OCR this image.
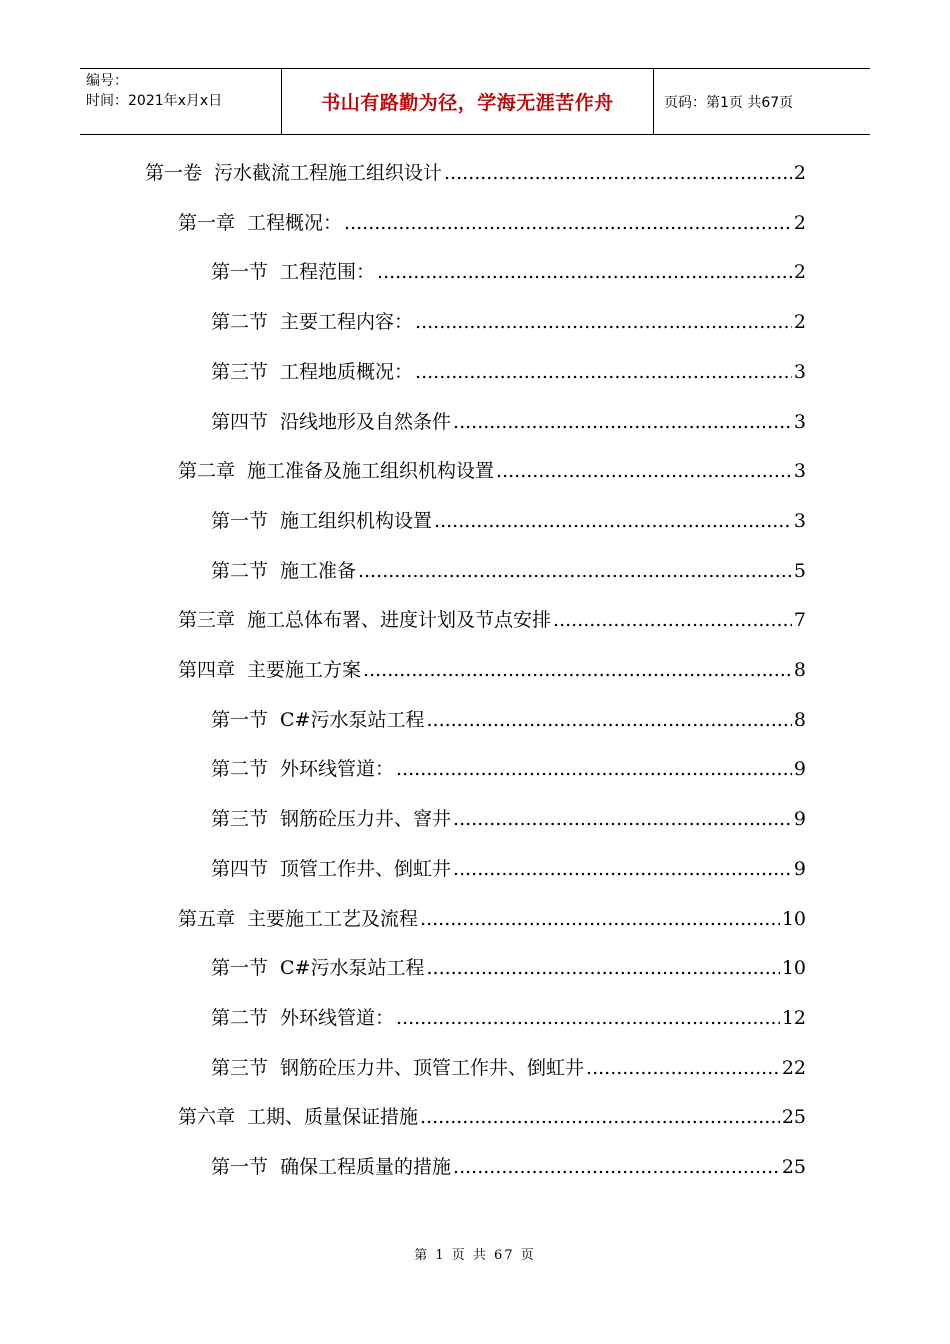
编号：
时间：2021年x月x日	书山有路勤为径，学海无涯苦作舟	页码：第1页 共67页
第一卷 污水截流工程施工组织设计 .....	2
第一章 工程概况： .....	2
第一节 工程范围： .....	2
第二节 主要工程内容： .....	2
第三节 工程地质概况： .....	3
第四节 沿线地形及自然条件 .....	3
第二章 施工准备及施工组织机构设置 .....	3
第一节 施工组织机构设置 .....	3
第二节 施工准备 .....	5
第三章 施工总体布署、进度计划及节点安排 .....	7
第四章 主要施工方案 .....	8
第一节 C#污水泵站工程 .....	8
第二节 外环线管道： .....	9
第三节 钢筋砼压力井、窨井 .....	9
第四节 顶管工作井、倒虹井 .....	9
第五章 主要施工工艺及流程 .....	10
第一节 C#污水泵站工程 .....	10
第二节 外环线管道： .....	12
第三节 钢筋砼压力井、顶管工作井、倒虹井 .....	22
第六章 工期、质量保证措施 .....	25
第一节 确保工程质量的措施 .....	25
第 1 页 共 67 页
